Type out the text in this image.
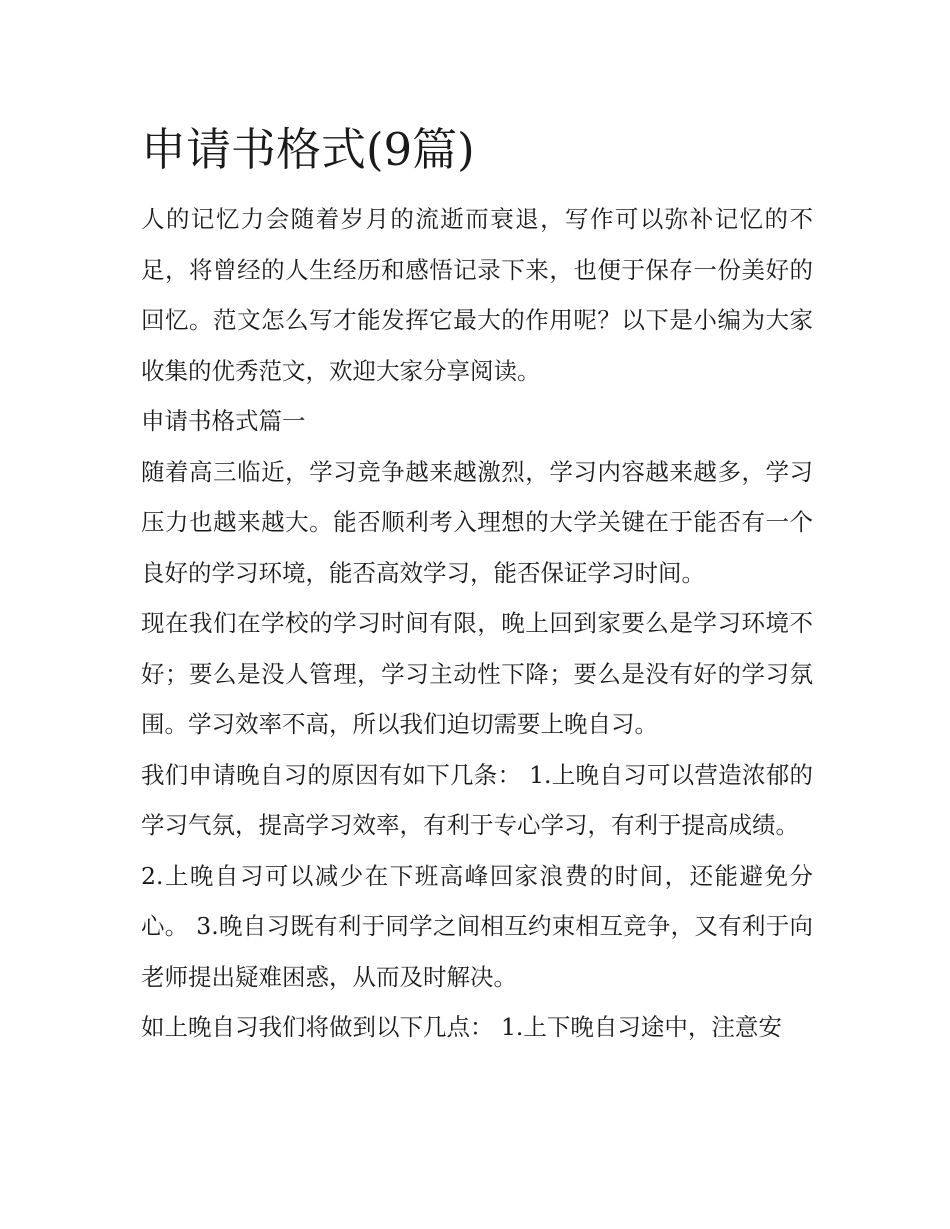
申请书格式(9篇)

人的记忆力会随着岁月的流逝而衰退，写作可以弥补记忆的不足，将曾经的人生经历和感悟记录下来，也便于保存一份美好的回忆。范文怎么写才能发挥它最大的作用呢？以下是小编为大家收集的优秀范文，欢迎大家分享阅读。

申请书格式篇一

随着高三临近，学习竞争越来越激烈，学习内容越来越多，学习压力也越来越大。能否顺利考入理想的大学关键在于能否有一个良好的学习环境，能否高效学习，能否保证学习时间。

现在我们在学校的学习时间有限，晚上回到家要么是学习环境不好；要么是没人管理，学习主动性下降；要么是没有好的学习氛围。学习效率不高，所以我们迫切需要上晚自习。

我们申请晚自习的原因有如下几条： 1.上晚自习可以营造浓郁的学习气氛，提高学习效率，有利于专心学习，有利于提高成绩。

2.上晚自习可以减少在下班高峰回家浪费的时间，还能避免分心。 3.晚自习既有利于同学之间相互约束相互竞争，又有利于向老师提出疑难困惑，从而及时解决。

如上晚自习我们将做到以下几点： 1.上下晚自习途中，注意安
